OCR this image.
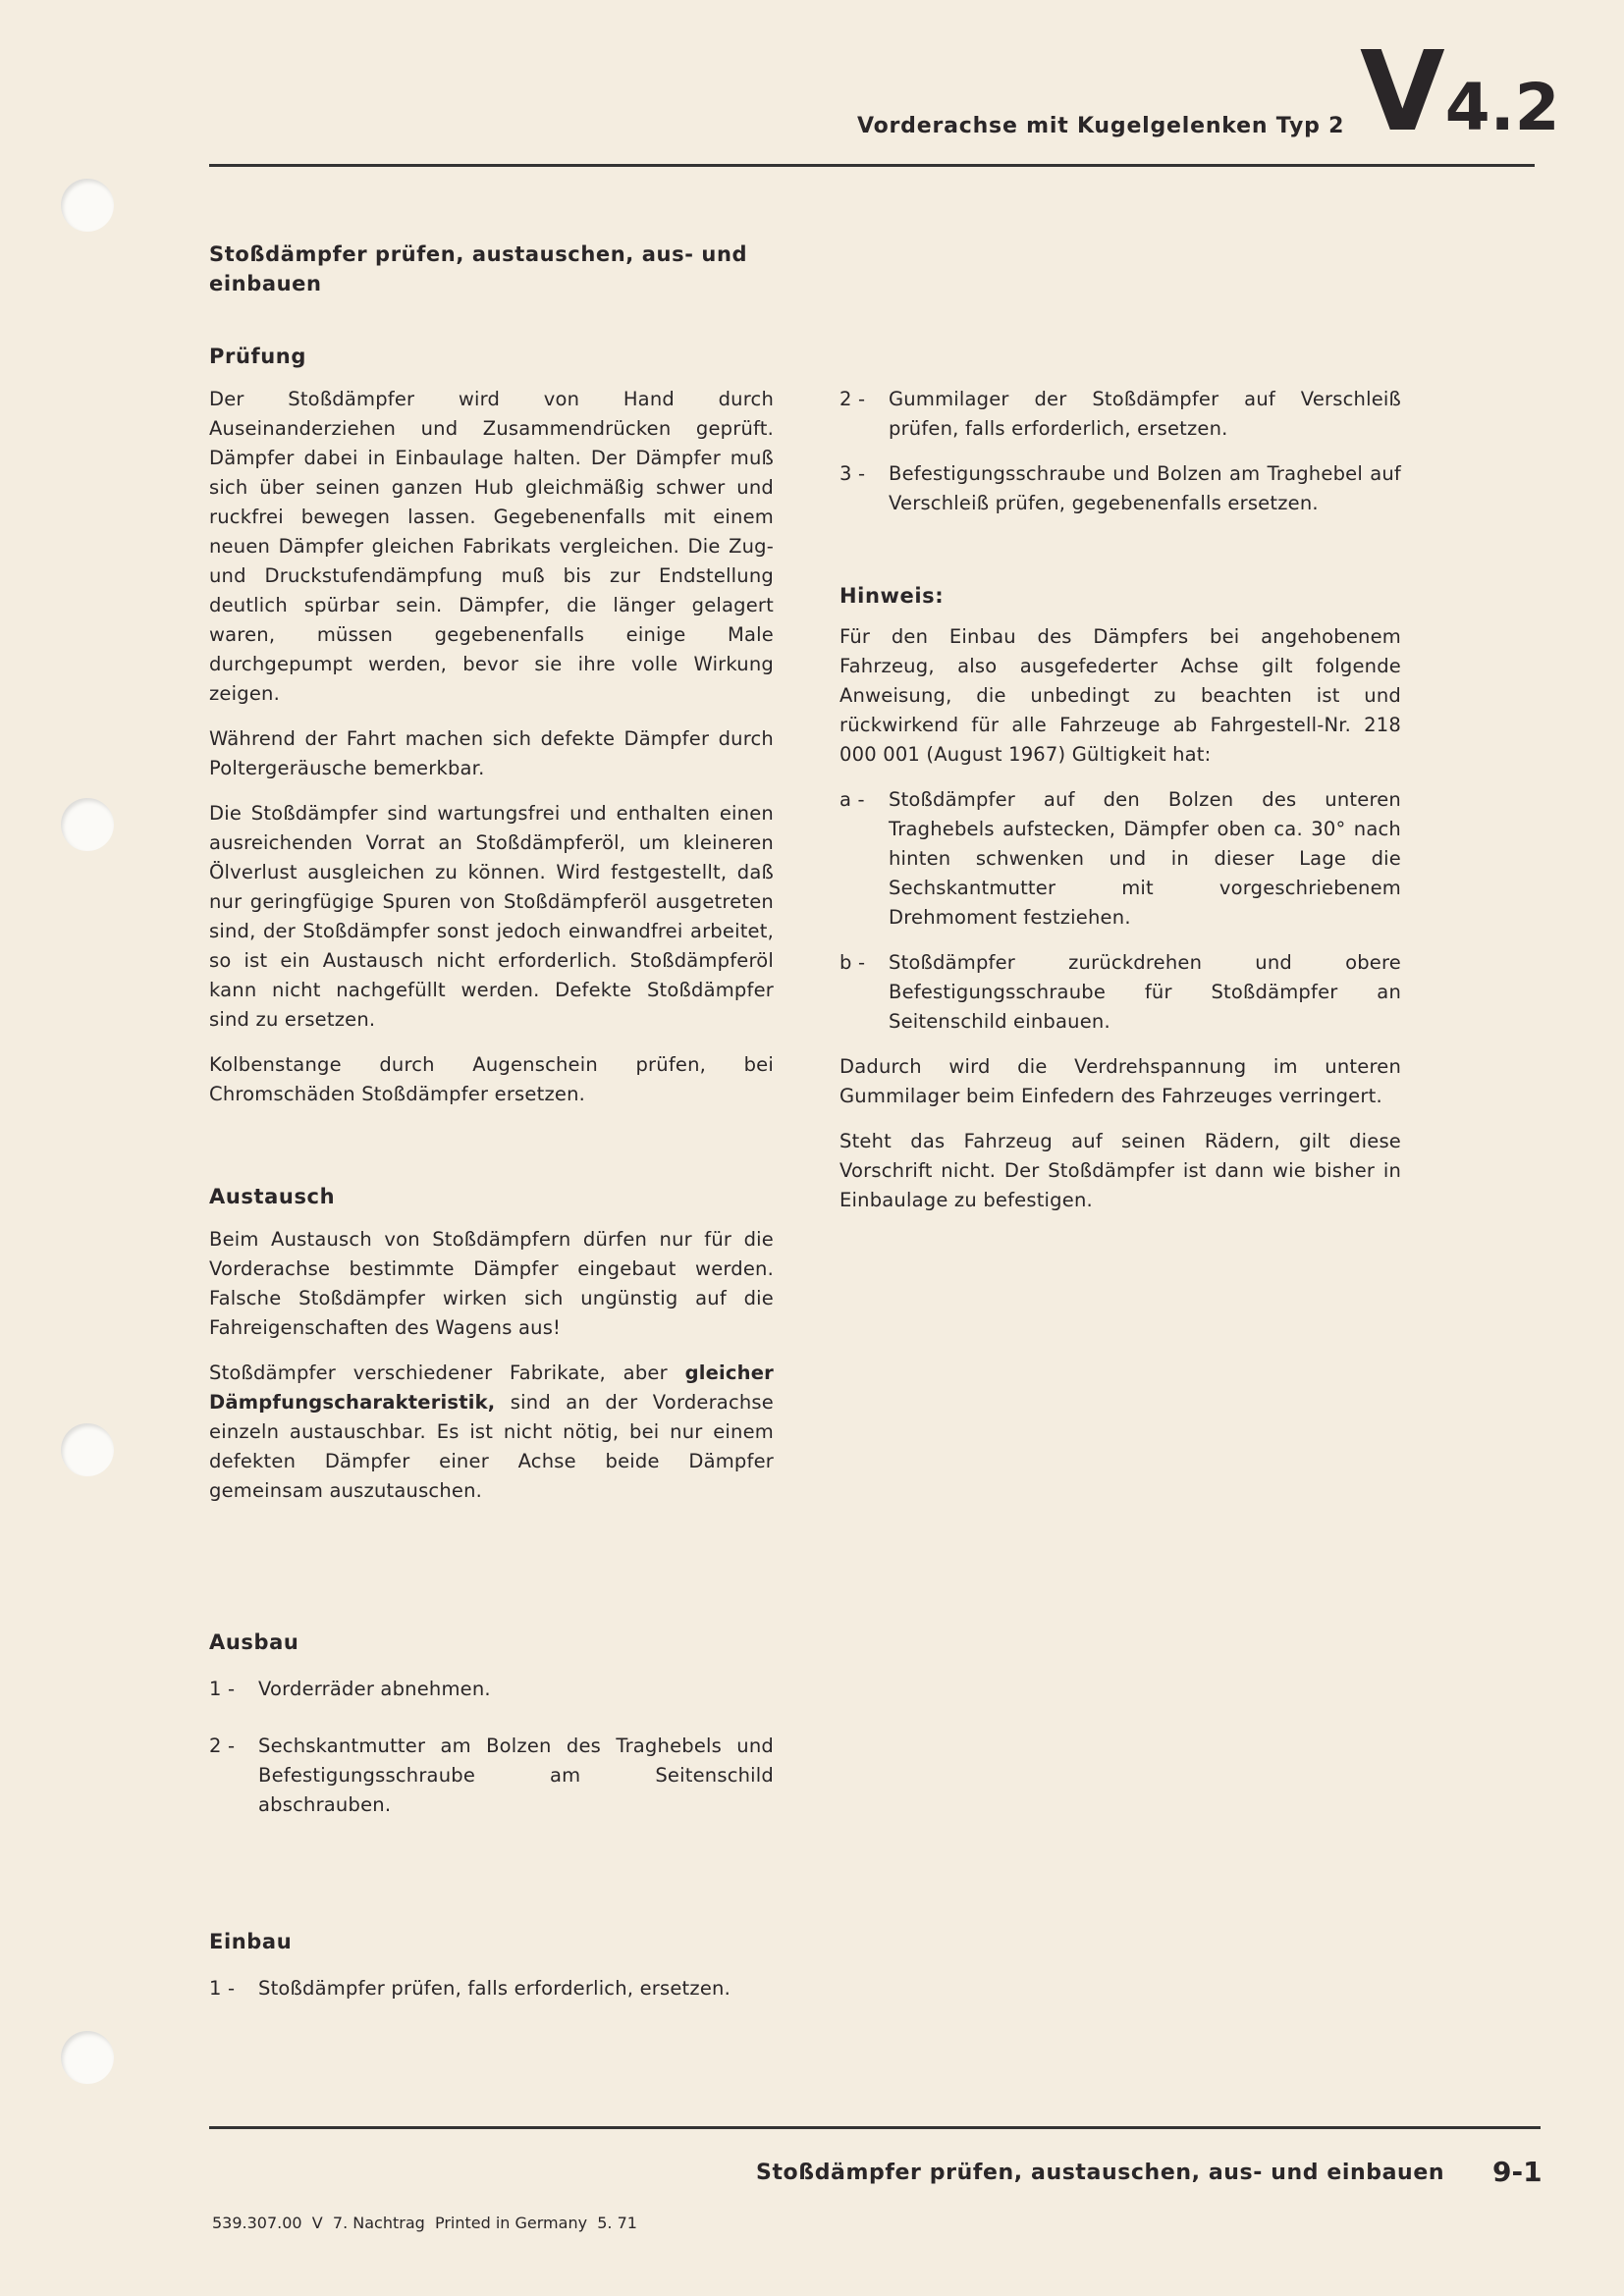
Vorderachse mit Kugelgelenken Typ 2 V4.2
Stoßdämpfer prüfen, austauschen, aus- und einbauen
Prüfung

Der Stoßdämpfer wird von Hand durch Auseinanderziehen und Zusammendrücken geprüft. Dämpfer dabei in Einbaulage halten. Der Dämpfer muß sich über seinen ganzen Hub gleichmäßig schwer und ruckfrei bewegen lassen. Gegebenenfalls mit einem neuen Dämpfer gleichen Fabrikats vergleichen. Die Zug- und Druckstufendämpfung muß bis zur Endstellung deutlich spürbar sein. Dämpfer, die länger gelagert waren, müssen gegebenenfalls einige Male durchgepumpt werden, bevor sie ihre volle Wirkung zeigen.

Während der Fahrt machen sich defekte Dämpfer durch Poltergeräusche bemerkbar.

Die Stoßdämpfer sind wartungsfrei und enthalten einen ausreichenden Vorrat an Stoßdämpferöl, um kleineren Ölverlust ausgleichen zu können. Wird festgestellt, daß nur geringfügige Spuren von Stoßdämpferöl ausgetreten sind, der Stoßdämpfer sonst jedoch einwandfrei arbeitet, so ist ein Austausch nicht erforderlich. Stoßdämpferöl kann nicht nachgefüllt werden. Defekte Stoßdämpfer sind zu ersetzen.

Kolbenstange durch Augenschein prüfen, bei Chromschäden Stoßdämpfer ersetzen.

Austausch

Beim Austausch von Stoßdämpfern dürfen nur für die Vorderachse bestimmte Dämpfer eingebaut werden. Falsche Stoßdämpfer wirken sich ungünstig auf die Fahreigenschaften des Wagens aus!

Stoßdämpfer verschiedener Fabrikate, aber gleicher Dämpfungscharakteristik, sind an der Vorderachse einzeln austauschbar. Es ist nicht nötig, bei nur einem defekten Dämpfer einer Achse beide Dämpfer gemeinsam auszutauschen.

Ausbau
1 -	Vorderräder abnehmen.
2 -	Sechskantmutter am Bolzen des Traghebels und Befestigungsschraube am Seitenschild abschrauben.
Einbau
1 -	Stoßdämpfer prüfen, falls erforderlich, ersetzen.
2 -	Gummilager der Stoßdämpfer auf Verschleiß prüfen, falls erforderlich, ersetzen.
3 -	Befestigungsschraube und Bolzen am Traghebel auf Verschleiß prüfen, gegebenenfalls ersetzen.
Hinweis:

Für den Einbau des Dämpfers bei angehobenem Fahrzeug, also ausgefederter Achse gilt folgende Anweisung, die unbedingt zu beachten ist und rückwirkend für alle Fahrzeuge ab Fahrgestell-Nr. 218 000 001 (August 1967) Gültigkeit hat:

a -	Stoßdämpfer auf den Bolzen des unteren Traghebels aufstecken, Dämpfer oben ca. 30° nach hinten schwenken und in dieser Lage die Sechskantmutter mit vorgeschriebenem Drehmoment festziehen.
b -	Stoßdämpfer zurückdrehen und obere Befestigungsschraube für Stoßdämpfer an Seitenschild einbauen.

Dadurch wird die Verdrehspannung im unteren Gummilager beim Einfedern des Fahrzeuges verringert.

Steht das Fahrzeug auf seinen Rädern, gilt diese Vorschrift nicht. Der Stoßdämpfer ist dann wie bisher in Einbaulage zu befestigen.

Stoßdämpfer prüfen, austauschen, aus- und einbauen 9-1
539.307.00  V  7. Nachtrag  Printed in Germany  5. 71
